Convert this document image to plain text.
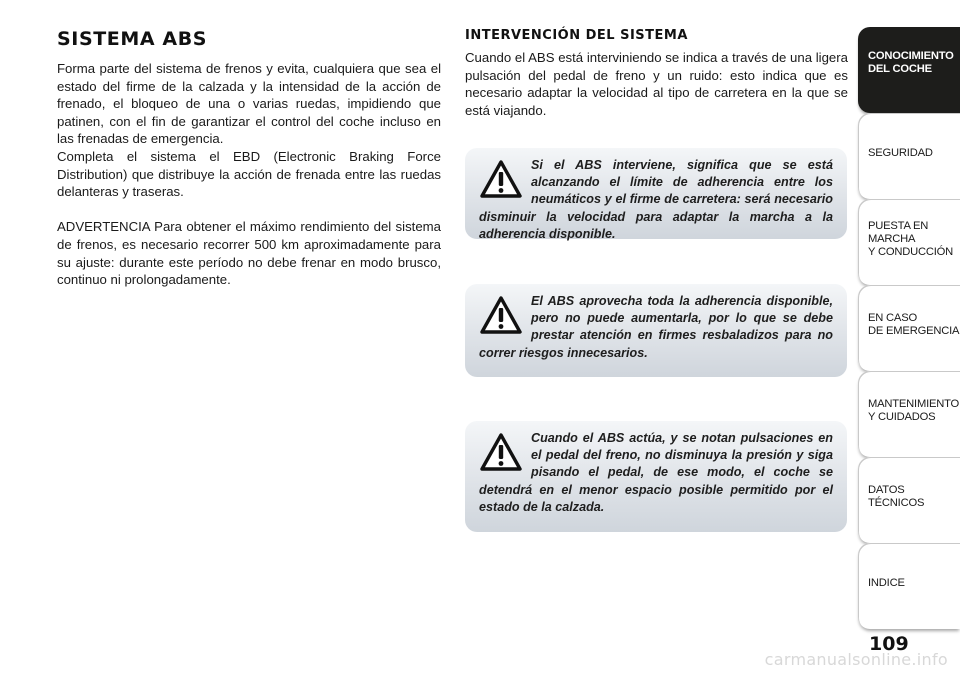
SISTEMA ABS

Forma parte del sistema de frenos y evita, cualquiera que sea el estado del firme de la calzada y la intensidad de la acción de frenado, el bloqueo de una o varias ruedas, impidiendo que patinen, con el fin de garantizar el control del coche incluso en las frenadas de emergencia.

Completa el sistema el EBD (Electronic Braking Force Distribution) que distribuye la acción de frenada entre las ruedas delanteras y traseras.

ADVERTENCIA Para obtener el máximo rendimiento del sistema de frenos, es necesario recorrer 500 km aproximadamente para su ajuste: durante este período no debe frenar en modo brusco, continuo ni prolongadamente.

INTERVENCIÓN DEL SISTEMA
Cuando el ABS está interviniendo se indica a través de una ligera pulsación del pedal de freno y un ruido: esto indica que es necesario adaptar la velocidad al tipo de carretera en la que se está viajando.

Si el ABS interviene, significa que se está alcanzando el límite de adherencia entre los neumáticos y el firme de carretera: será necesario disminuir la velocidad para adaptar la marcha a la adherencia disponible.

El ABS aprovecha toda la adherencia disponible, pero no puede aumentarla, por lo que se debe prestar atención en firmes resbaladizos para no correr riesgos innecesarios.

Cuando el ABS actúa, y se notan pulsaciones en el pedal del freno, no disminuya la presión y siga pisando el pedal, de ese modo, el coche se detendrá en el menor espacio posible permitido por el estado de la calzada.

CONOCIMIENTO
DEL COCHE
SEGURIDAD
PUESTA EN MARCHA
Y CONDUCCIÓN
EN CASO
DE EMERGENCIA
MANTENIMIENTO
Y CUIDADOS
DATOS TÉCNICOS
INDICE
109
carmanualsonline.info
